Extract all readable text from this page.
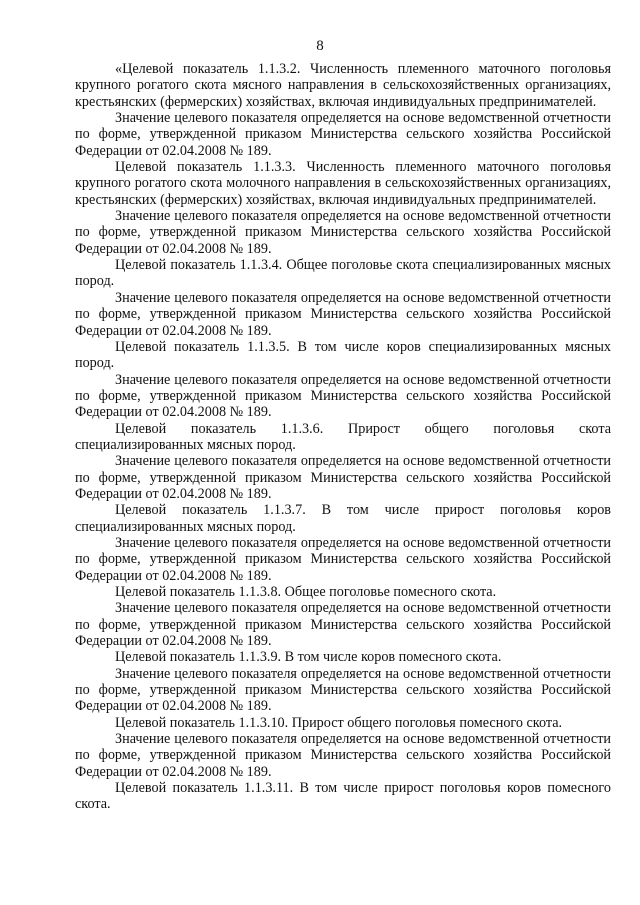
8

«Целевой показатель 1.1.3.2. Численность племенного маточного поголовья крупного рогатого скота мясного направления в сельскохозяйственных организациях, крестьянских (фермерских) хозяйствах, включая индивидуальных предпринимателей.

Значение целевого показателя определяется на основе ведомственной отчетности по форме, утвержденной приказом Министерства сельского хозяйства Российской Федерации от 02.04.2008 № 189.

Целевой показатель 1.1.3.3. Численность племенного маточного поголовья крупного рогатого скота молочного направления в сельскохозяйственных организациях, крестьянских (фермерских) хозяйствах, включая индивидуальных предпринимателей.

Значение целевого показателя определяется на основе ведомственной отчетности по форме, утвержденной приказом Министерства сельского хозяйства Российской Федерации от 02.04.2008 № 189.

Целевой показатель 1.1.3.4. Общее поголовье скота специализированных мясных пород.

Значение целевого показателя определяется на основе ведомственной отчетности по форме, утвержденной приказом Министерства сельского хозяйства Российской Федерации от 02.04.2008 № 189.

Целевой показатель 1.1.3.5. В том числе коров специализированных мясных пород.

Значение целевого показателя определяется на основе ведомственной отчетности по форме, утвержденной приказом Министерства сельского хозяйства Российской Федерации от 02.04.2008 № 189.

Целевой показатель 1.1.3.6. Прирост общего поголовья скота специализированных мясных пород.

Значение целевого показателя определяется на основе ведомственной отчетности по форме, утвержденной приказом Министерства сельского хозяйства Российской Федерации от 02.04.2008 № 189.

Целевой показатель 1.1.3.7. В том числе прирост поголовья коров специализированных мясных пород.

Значение целевого показателя определяется на основе ведомственной отчетности по форме, утвержденной приказом Министерства сельского хозяйства Российской Федерации от 02.04.2008 № 189.

Целевой показатель 1.1.3.8. Общее поголовье помесного скота.

Значение целевого показателя определяется на основе ведомственной отчетности по форме, утвержденной приказом Министерства сельского хозяйства Российской Федерации от 02.04.2008 № 189.

Целевой показатель 1.1.3.9. В том числе коров помесного скота.

Значение целевого показателя определяется на основе ведомственной отчетности по форме, утвержденной приказом Министерства сельского хозяйства Российской Федерации от 02.04.2008 № 189.

Целевой показатель 1.1.3.10. Прирост общего поголовья помесного скота.

Значение целевого показателя определяется на основе ведомственной отчетности по форме, утвержденной приказом Министерства сельского хозяйства Российской Федерации от 02.04.2008 № 189.

Целевой показатель 1.1.3.11. В том числе прирост поголовья коров помесного скота.
